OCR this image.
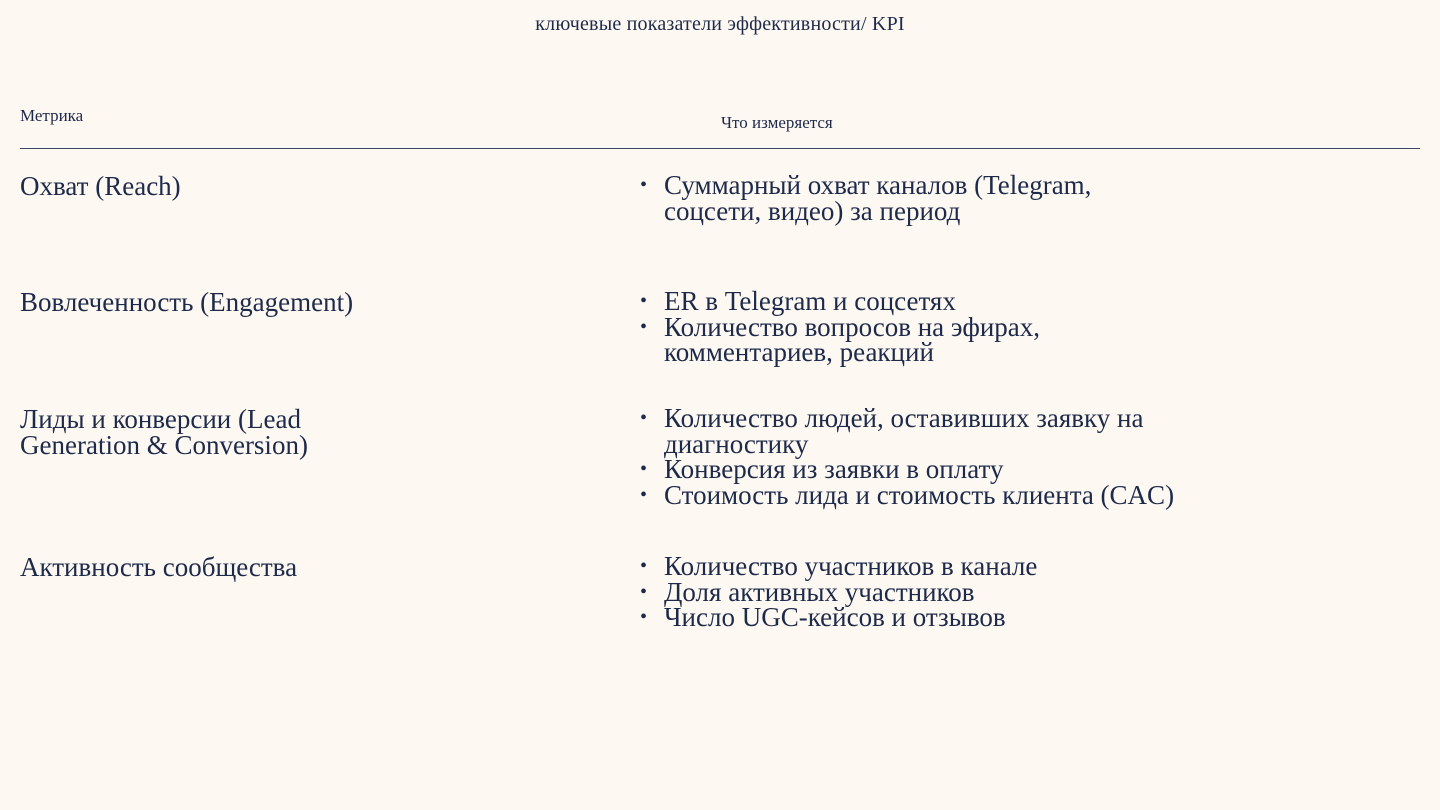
ключевые показатели эффективности/ KPI
Метрика	Что измеряется
Охват (Reach)	• Суммарный охват каналов (Telegram, соцсети, видео) за период
Вовлеченность (Engagement)	• ER в Telegram и соцсетях
• Количество вопросов на эфирах, комментариев, реакций
Лиды и конверсии (Lead Generation & Conversion)
• Количество людей, оставивших заявку на диагностику
• Конверсия из заявки в оплату
• Стоимость лида и стоимость клиента (CAC)
Активность сообщества	• Количество участников в канале
• Доля активных участников
• Число UGC-кейсов и отзывов
